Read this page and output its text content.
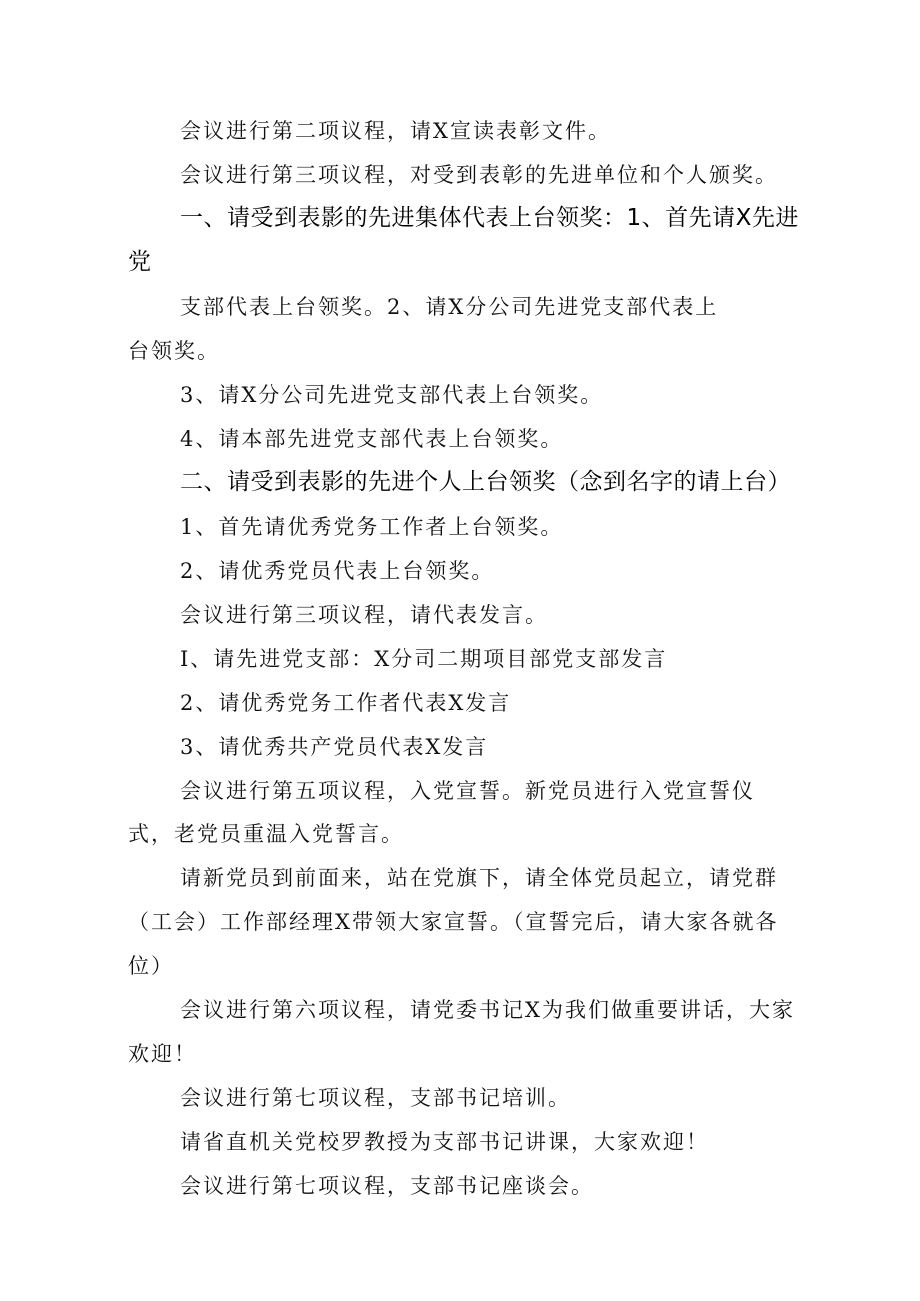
会议进行第二项议程，请X宣读表彰文件。
会议进行第三项议程，对受到表彰的先进单位和个人颁奖。
一、请受到表影的先进集体代表上台领奖：1、首先请X先进
党
支部代表上台领奖。2、请X分公司先进党支部代表上
台领奖。
3、请X分公司先进党支部代表上台领奖。
4、请本部先进党支部代表上台领奖。
二、请受到表影的先进个人上台领奖（念到名字的请上台）
1、首先请优秀党务工作者上台领奖。
2、请优秀党员代表上台领奖。
会议进行第三项议程，请代表发言。
I、请先进党支部：X分司二期项目部党支部发言
2、请优秀党务工作者代表X发言
3、请优秀共产党员代表X发言
会议进行第五项议程，入党宣誓。新党员进行入党宣誓仪
式，老党员重温入党誓言。
请新党员到前面来，站在党旗下，请全体党员起立，请党群
（工会）工作部经理X带领大家宣誓。（宣誓完后，请大家各就各
位）
会议进行第六项议程，请党委书记X为我们做重要讲话，大家
欢迎！
会议进行第七项议程，支部书记培训。
请省直机关党校罗教授为支部书记讲课，大家欢迎！
会议进行第七项议程，支部书记座谈会。
